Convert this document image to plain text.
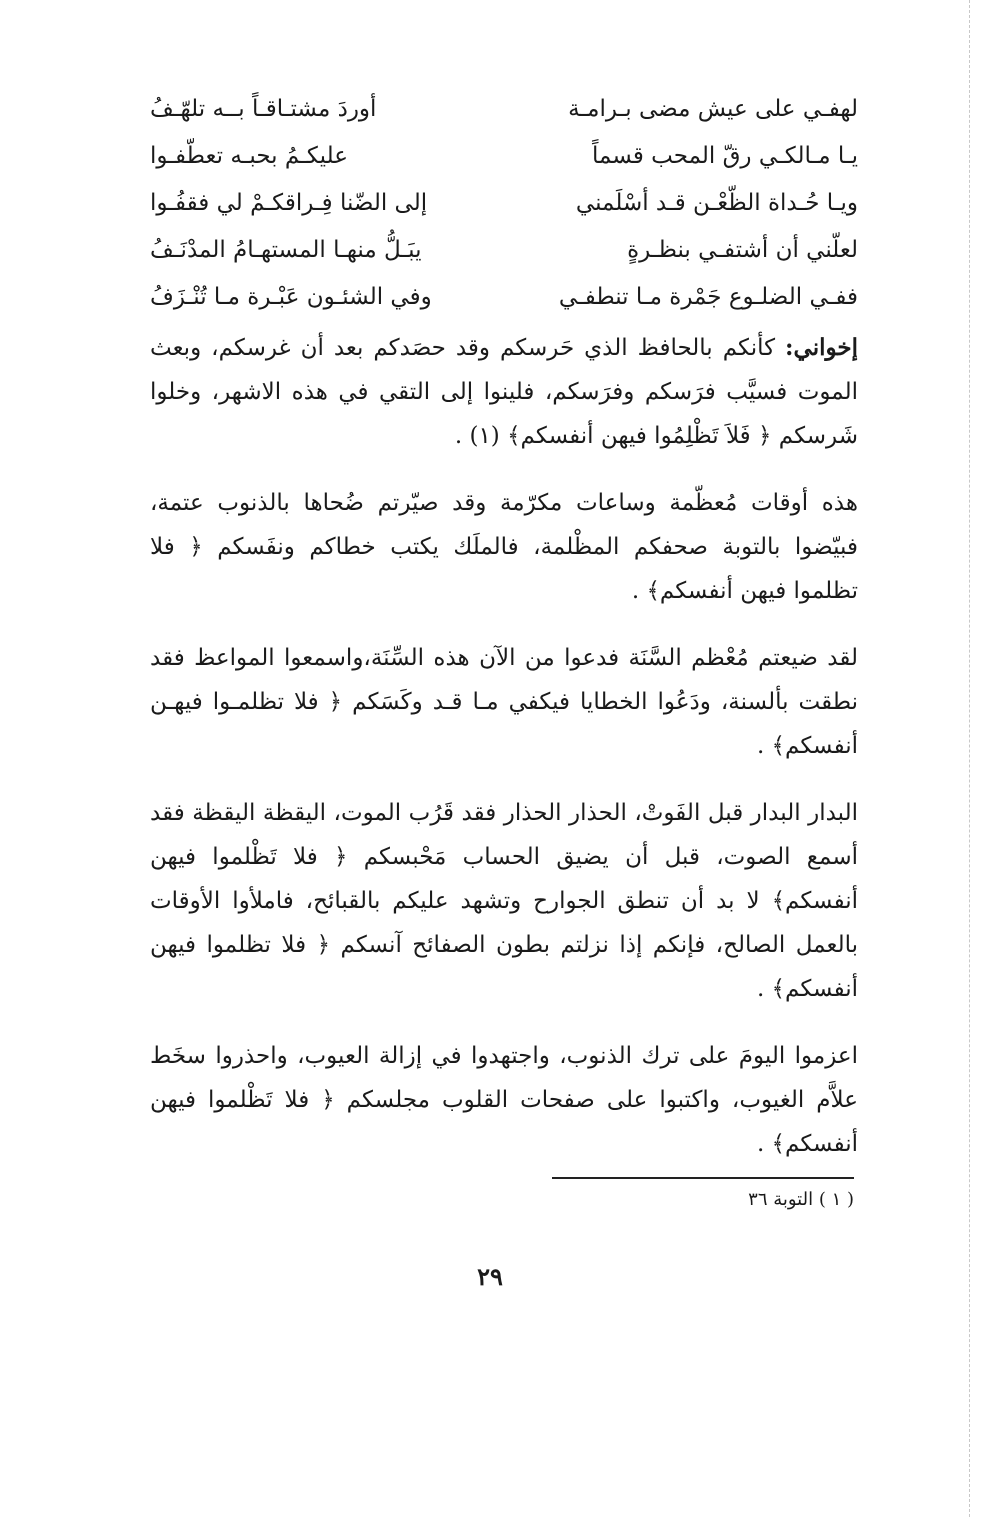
لهفـي على عيش مضى بـرامـة
أوردَ مشتـاقـاً بــه تلهّـفُ
يـا مـالكـي رقّ المحب قسماً
عليكـمُ بحبـه تعطّفـوا
ويـا حُـداة الظّعْـن قـد أسْلَمني
إلى الضّنا فِـراقكـمْ لي فقفُـوا
لعلّني أن أشتفـي بنظـرةٍ
يبَـلُّ منهـا المستهـامُ المدْنَـفُ
ففـي الضلـوع جَمْرة مـا تنطفـي
وفي الشئـون عَبْـرة مـا تُنْـزَفُ

إخواني: كأنكم بالحافظ الذي حَرسكم وقد حصَدكم بعد أن غرسكم، وبعث الموت فسيَّب فرَسكم وفرَسكم، فلينوا إلى التقي في هذه الاشهر، وخلوا شَرسكم ﴿ فَلاَ تَظْلِمُوا فيهن أنفسكم﴾ (١) .

هذه أوقات مُعظّمة وساعات مكرّمة وقد صيّرتم ضُحاها بالذنوب عتمة، فبيّضوا بالتوبة صحفكم المظْلمة، فالملَك يكتب خطاكم ونفَسكم ﴿ فلا تظلموا فيهن أنفسكم﴾ .

لقد ضيعتم مُعْظم السَّنَة فدعوا من الآن هذه السِّنَة،واسمعوا المواعظ فقد نطقت بألسنة، ودَعُوا الخطايا فيكفي مـا قـد وكَسَكم ﴿ فلا تظلمـوا فيهـن أنفسكم﴾ .

البدار البدار قبل الفَوتْ، الحذار الحذار فقد قَرُب الموت، اليقظة اليقظة فقد أسمع الصوت، قبل أن يضيق الحساب مَحْبسكم ﴿ فلا تَظْلموا فيهن أنفسكم﴾ لا بد أن تنطق الجوارح وتشهد عليكم بالقبائح، فاملأوا الأوقات بالعمل الصالح، فإنكم إذا نزلتم بطون الصفائح آنسكم ﴿ فلا تظلموا فيهن أنفسكم﴾ .

اعزموا اليومَ على ترك الذنوب، واجتهدوا في إزالة العيوب، واحذروا سخَط علاَّم الغيوب، واكتبوا على صفحات القلوب مجلسكم ﴿ فلا تَظْلموا فيهن أنفسكم﴾ .

( ١ ) التوبة ٣٦
٢٩
